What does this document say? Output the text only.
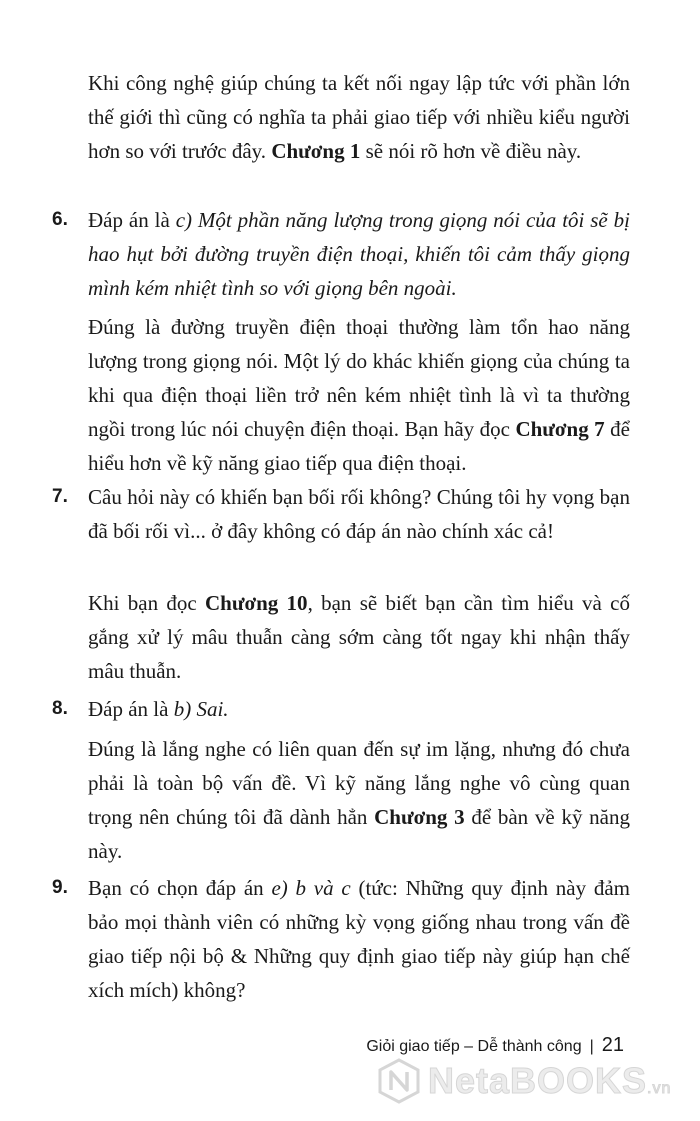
Khi công nghệ giúp chúng ta kết nối ngay lập tức với phần lớn thế giới thì cũng có nghĩa ta phải giao tiếp với nhiều kiểu người hơn so với trước đây. Chương 1 sẽ nói rõ hơn về điều này.

6. Đáp án là c) Một phần năng lượng trong giọng nói của tôi sẽ bị hao hụt bởi đường truyền điện thoại, khiến tôi cảm thấy giọng mình kém nhiệt tình so với giọng bên ngoài.

Đúng là đường truyền điện thoại thường làm tổn hao năng lượng trong giọng nói. Một lý do khác khiến giọng của chúng ta khi qua điện thoại liền trở nên kém nhiệt tình là vì ta thường ngồi trong lúc nói chuyện điện thoại. Bạn hãy đọc Chương 7 để hiểu hơn về kỹ năng giao tiếp qua điện thoại.

7. Câu hỏi này có khiến bạn bối rối không? Chúng tôi hy vọng bạn đã bối rối vì... ở đây không có đáp án nào chính xác cả!

Khi bạn đọc Chương 10, bạn sẽ biết bạn cần tìm hiểu và cố gắng xử lý mâu thuẫn càng sớm càng tốt ngay khi nhận thấy mâu thuẫn.

8. Đáp án là b) Sai.

Đúng là lắng nghe có liên quan đến sự im lặng, nhưng đó chưa phải là toàn bộ vấn đề. Vì kỹ năng lắng nghe vô cùng quan trọng nên chúng tôi đã dành hẳn Chương 3 để bàn về kỹ năng này.

9. Bạn có chọn đáp án e) b và c (tức: Những quy định này đảm bảo mọi thành viên có những kỳ vọng giống nhau trong vấn đề giao tiếp nội bộ & Những quy định giao tiếp này giúp hạn chế xích mích) không?

Giỏi giao tiếp – Dễ thành công | 21
NetaBOOKS.vn
